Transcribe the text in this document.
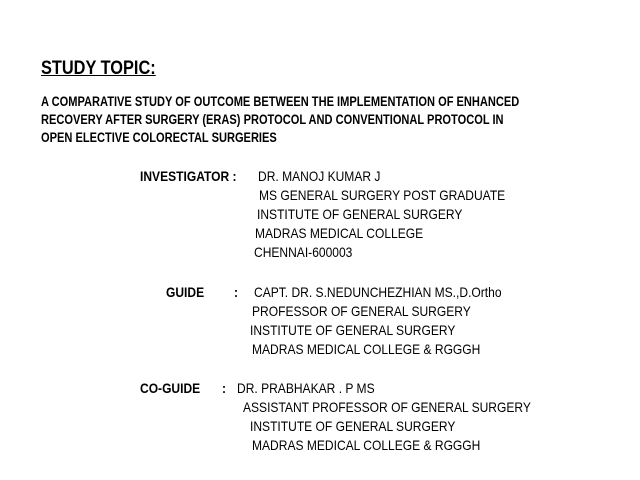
STUDY TOPIC:
A COMPARATIVE STUDY OF OUTCOME BETWEEN THE IMPLEMENTATION OF ENHANCED
RECOVERY AFTER SURGERY (ERAS) PROTOCOL AND CONVENTIONAL PROTOCOL IN
OPEN ELECTIVE COLORECTAL SURGERIES
INVESTIGATOR : DR. MANOJ KUMAR J
MS GENERAL SURGERY POST GRADUATE
INSTITUTE OF GENERAL SURGERY
MADRAS MEDICAL COLLEGE
CHENNAI-600003
GUIDE : CAPT. DR. S.NEDUNCHEZHIAN MS.,D.Ortho
PROFESSOR OF GENERAL SURGERY
INSTITUTE OF GENERAL SURGERY
MADRAS MEDICAL COLLEGE & RGGGH
CO-GUIDE : DR. PRABHAKAR . P MS
ASSISTANT PROFESSOR OF GENERAL SURGERY
INSTITUTE OF GENERAL SURGERY
MADRAS MEDICAL COLLEGE & RGGGH
